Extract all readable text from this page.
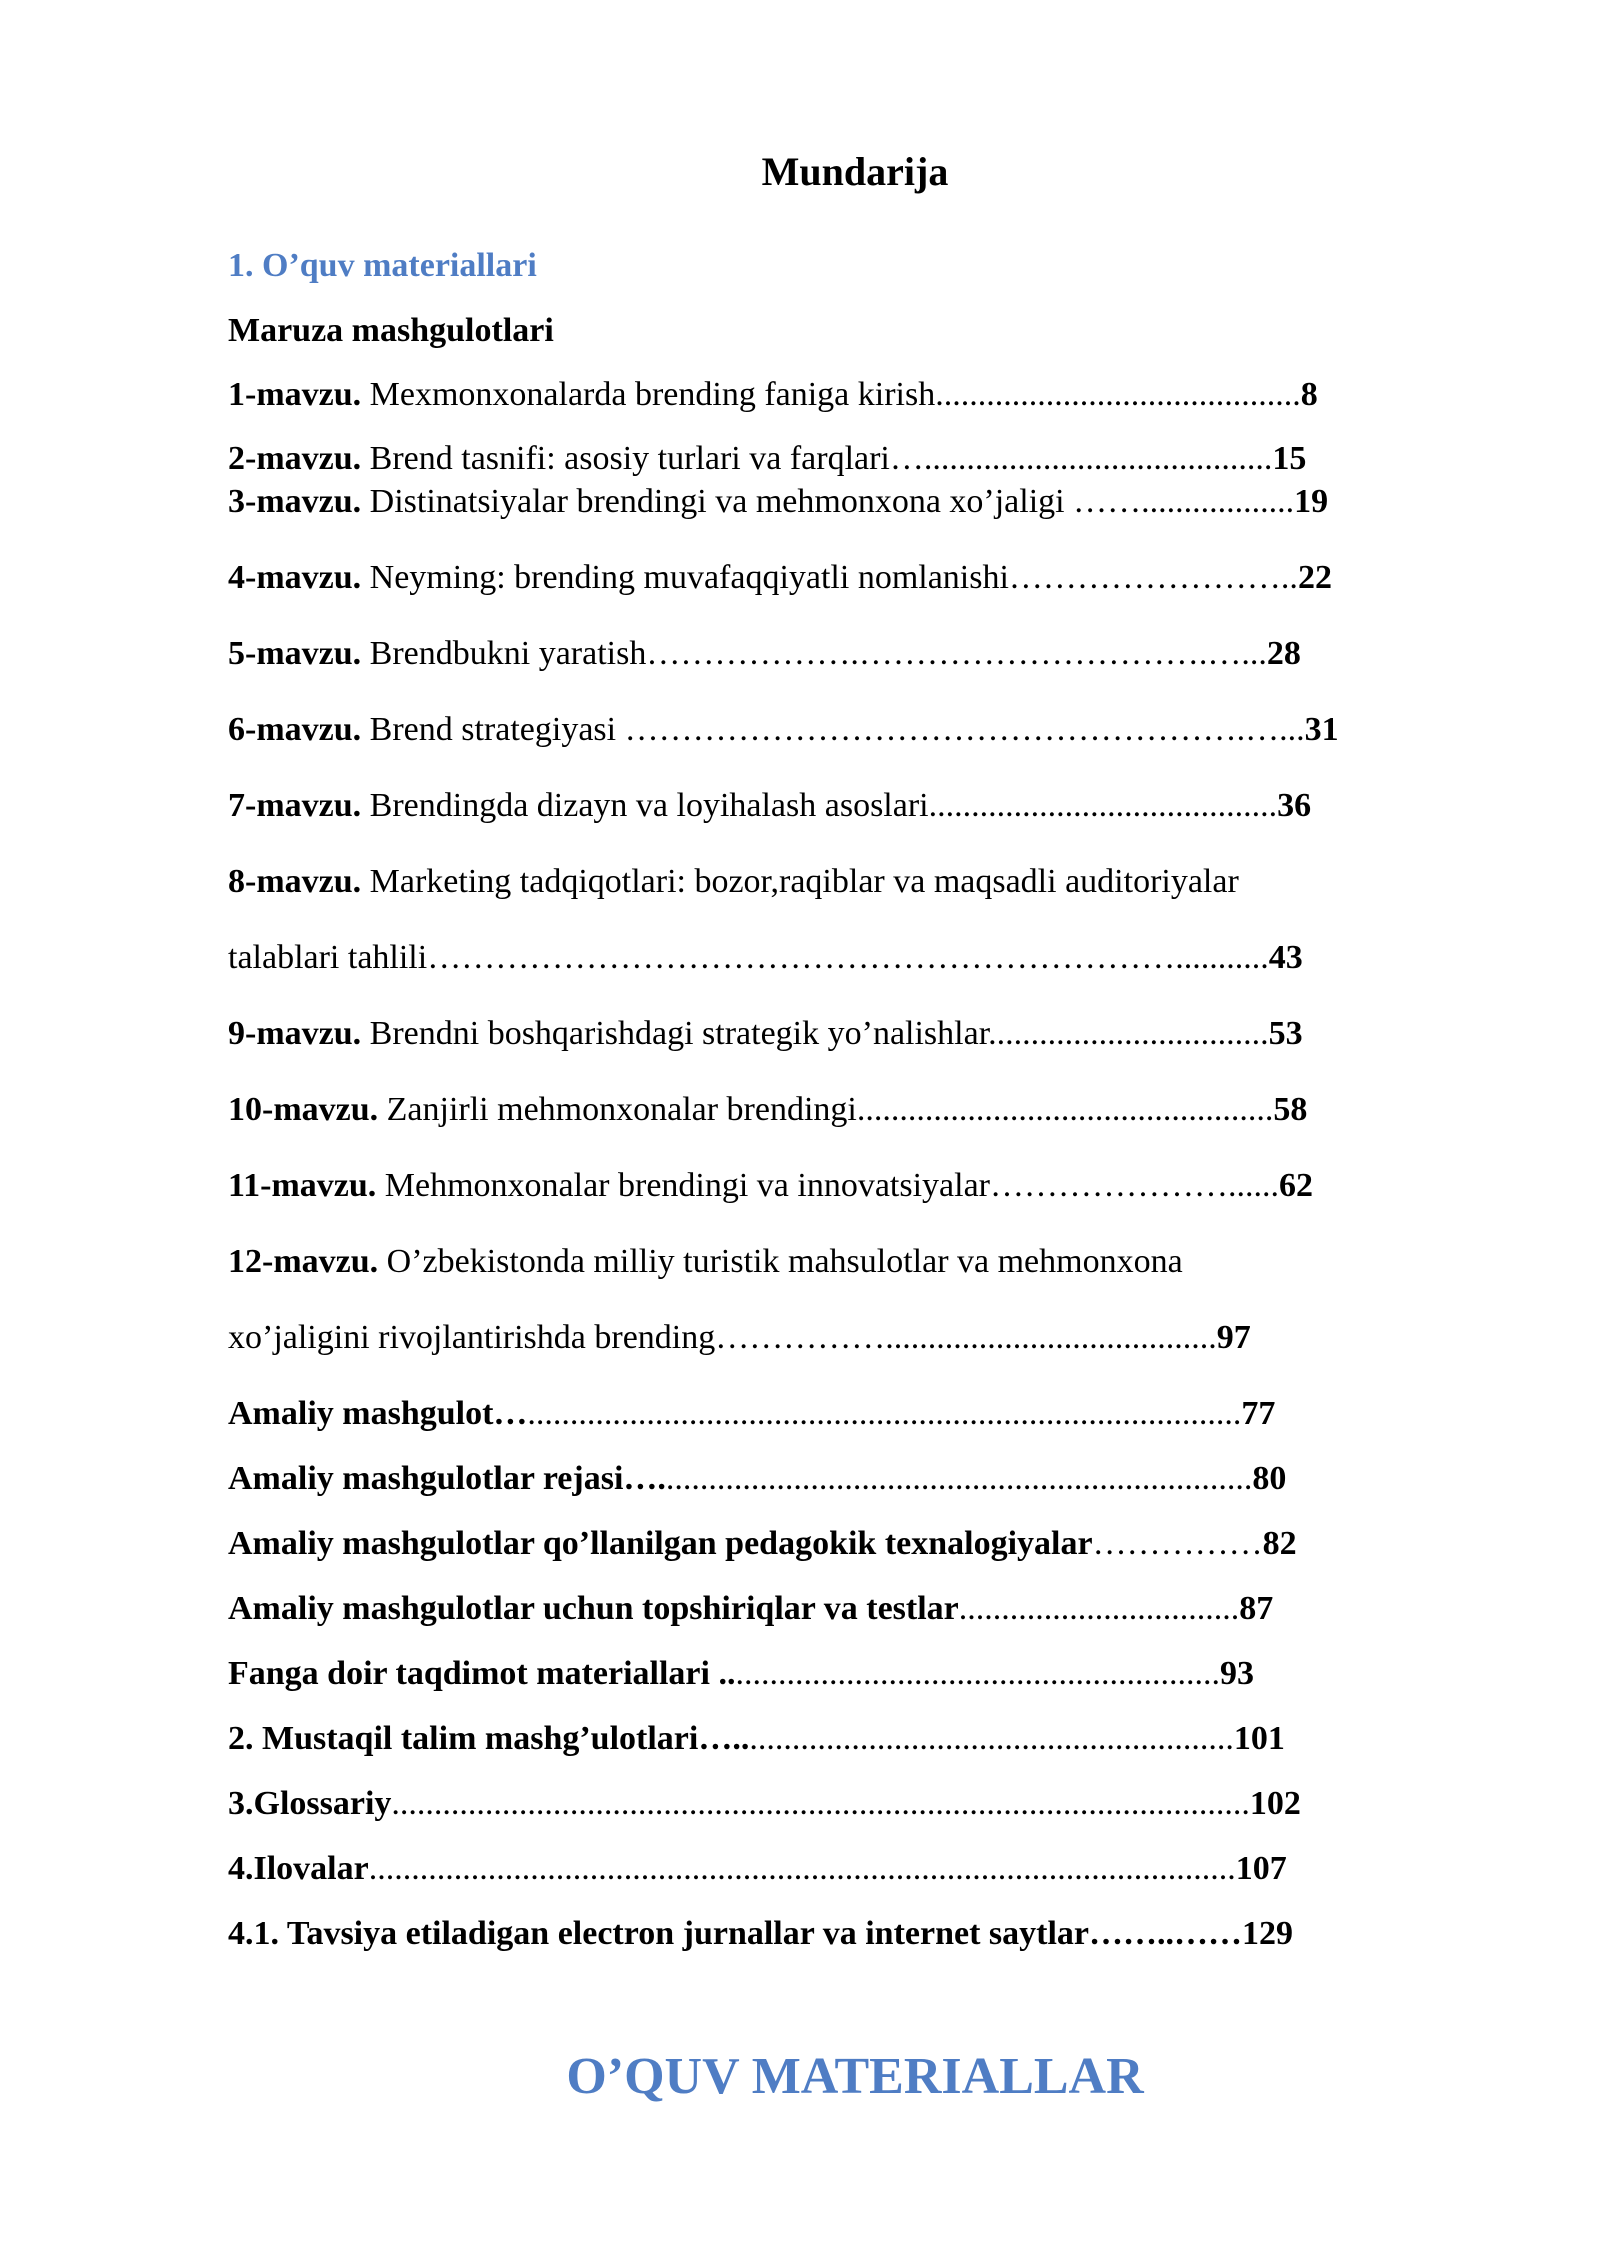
Mundarija
1. O’quv materiallari
Maruza mashgulotlari
1-mavzu. Mexmonxonalarda brending faniga kirish...........................................8
2-mavzu. Brend tasnifi: asosiy turlari va farqlari….........................................15
3-mavzu. Distinatsiyalar brendingi va mehmonxona xo’jaligi ……..................19
4-mavzu. Neyming: brending muvafaqqiyatli nomlanishi……………………..22
5-mavzu. Brendbukni yaratish……………….………………………….…...28
6-mavzu. Brend strategiyasi ……………………………………………….…...31
7-mavzu. Brendingda dizayn va loyihalash asoslari.........................................36
8-mavzu. Marketing tadqiqotlari: bozor,raqiblar va maqsadli auditoriyalar
talablari tahlili…………………………………………………………...........43
9-mavzu. Brendni boshqarishdagi strategik yo’nalishlar.................................53
10-mavzu. Zanjirli mehmonxonalar brendingi.................................................58
11-mavzu. Mehmonxonalar brendingi va innovatsiyalar…………………......62
12-mavzu. O’zbekistonda milliy turistik mahsulotlar va mehmonxona
xo’jaligini rivojlantirishda brending…………….......................................97
Amaliy mashgulot…....................................................................................77
Amaliy mashgulotlar rejasi…......................................................................80
Amaliy mashgulotlar qo’llanilgan pedagokik texnalogiyalar……………82
Amaliy mashgulotlar uchun topshiriqlar va testlar.................................87
Fanga doir taqdimot materiallari ...........................................................93
2. Mustaqil talim mashg’ulotlari…...........................................................101
3.Glossariy.....................................................................................................102
4.Ilovalar......................................................................................................107
4.1. Tavsiya etiladigan electron jurnallar va internet saytlar……..……129
O’QUV MATERIALLAR
